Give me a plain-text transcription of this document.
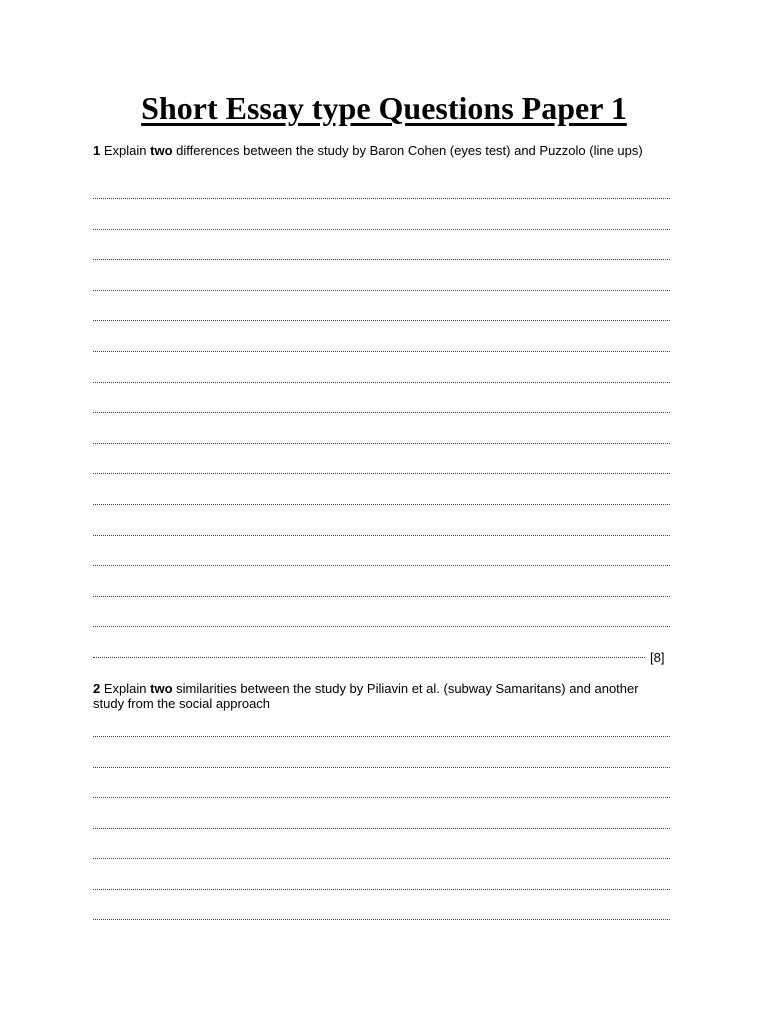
Short Essay type Questions Paper 1
1 Explain two differences between the study by Baron Cohen (eyes test) and Puzzolo (line ups)
[8]
2 Explain two similarities between the study by Piliavin et al. (subway Samaritans) and another study from the social approach
